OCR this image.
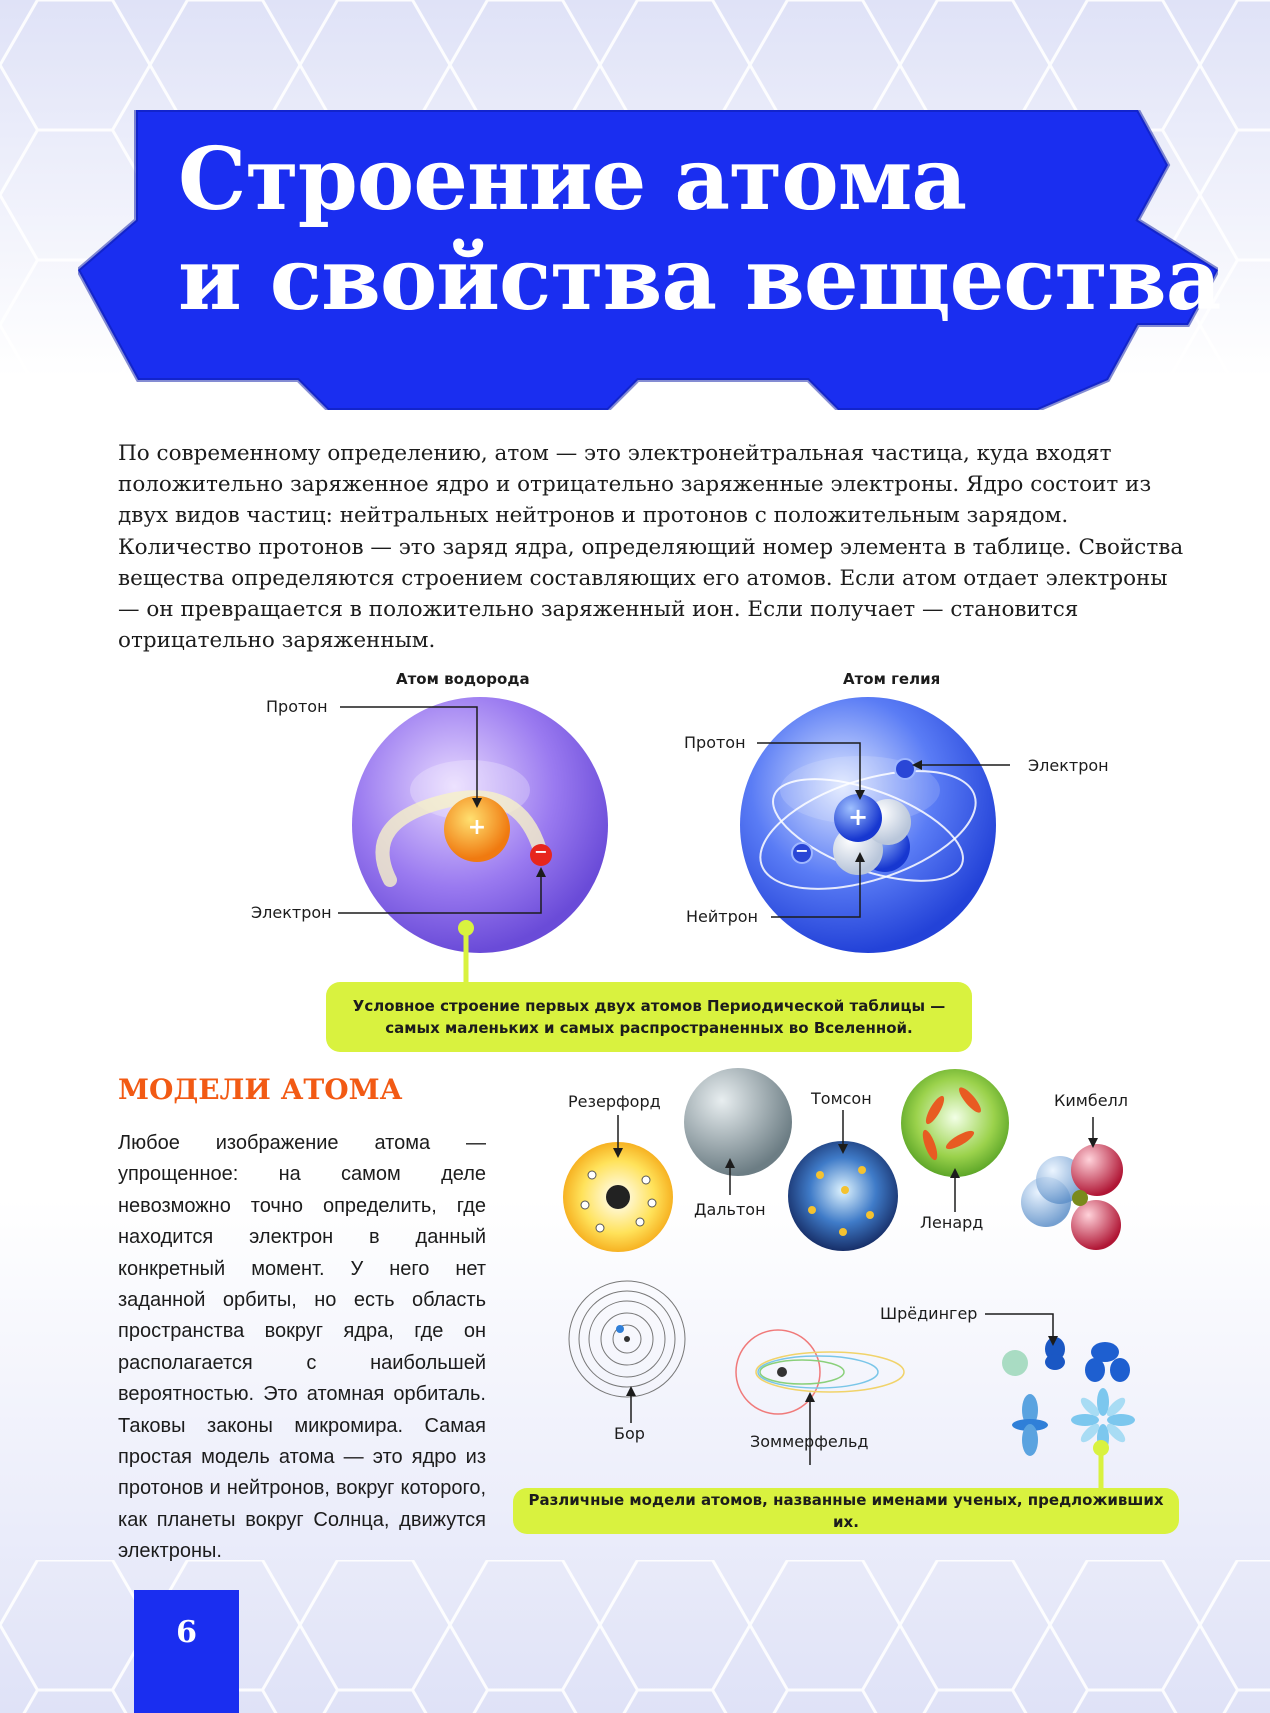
Строение атома
и свойства вещества

По современному определению, атом — это электронейтральная частица, куда входят положительно заряженное ядро и отрицательно заряженные электроны. Ядро состоит из двух видов частиц: нейтральных нейтронов и протонов с положительным зарядом. Количество протонов — это заряд ядра, определяющий номер элемента в таблице. Свойства вещества определяются строением составляющих его атомов. Если атом отдает электроны — он превращается в положительно заряженный ион. Если получает — становится отрицательно заряженным.

Атом водорода	Атом гелия
Протон
Электрон
Протон
Электрон
Нейтрон
+
−
+
−
Условное строение первых двух атомов Периодической таблицы — самых маленьких и самых распространенных во Вселенной.
МОДЕЛИ АТОМА

Любое изображение атома — упрощенное: на самом деле невозможно точно определить, где находится электрон в данный конкретный момент. У него нет заданной орбиты, но есть область пространства вокруг ядра, где он располагается с наибольшей вероятностью. Это атомная орбиталь. Таковы законы микромира. Самая простая модель атома — это ядро из протонов и нейтронов, вокруг которого, как планеты вокруг Солнца, движутся электроны.

Резерфорд
Дальтон
Томсон
Ленард
Кимбелл
Бор	Зоммерфельд
Шрёдингер
Различные модели атомов, названные именами ученых, предложивших их.
6
